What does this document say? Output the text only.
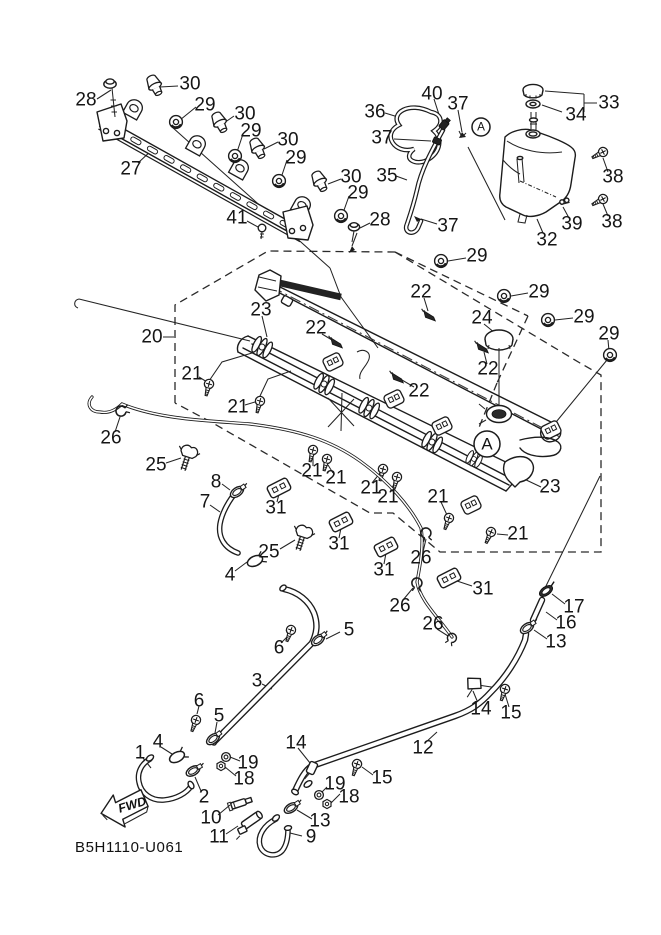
FWD
B5H1110-U061
28
30
29 30
29 30
29
30
29
27
41	28
36
40 37
37
35
37
33
34
38
38
39
32
20
23
22
22
24
22
22
29
29
29
29
21
21
21 21 21
21 21
21
23
25
25
26
26
26
26
31
31
31
31
8
7
4
6
5
3
6
5
4
1
2
19
18
10
11	9
13
14
15
19
18
12
14 15
13
16
17
A
A
